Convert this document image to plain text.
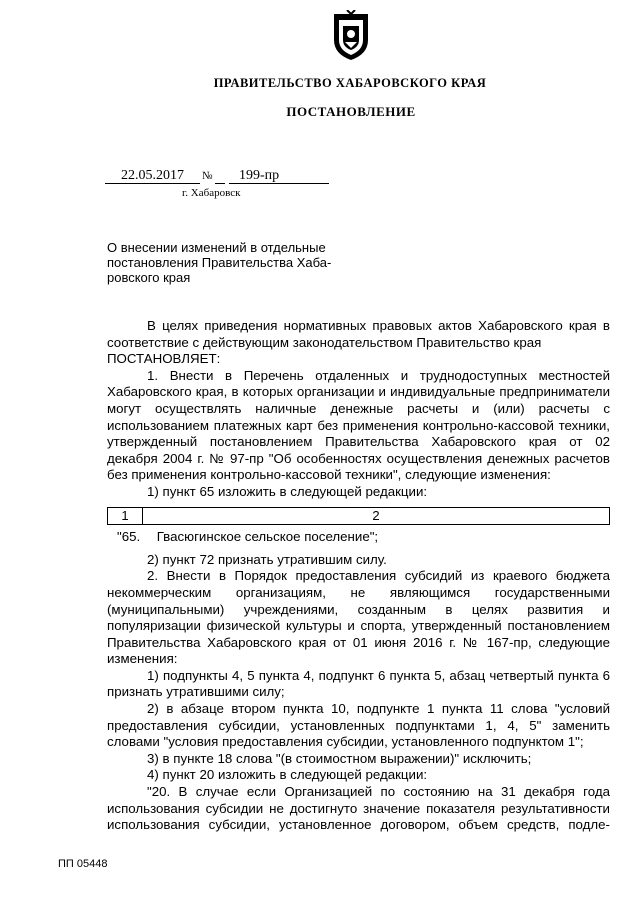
ПРАВИТЕЛЬСТВО ХАБАРОВСКОГО КРАЯ
ПОСТАНОВЛЕНИЕ
22.05.2017	№	199-пр
г. Хабаровск
О внесении изменений в отдельные
постановления Правительства Хаба-
ровского края

В целях приведения нормативных правовых актов Хабаровского края в соответствие с действующим законодательством Правительство края

ПОСТАНОВЛЯЕТ:

1. Внести в Перечень отдаленных и труднодоступных местностей Хабаровского края, в которых организации и индивидуальные предприниматели могут осуществлять наличные денежные расчеты и (или) расчеты с использованием платежных карт без применения контрольно-кассовой техники, утвержденный постановлением Правительства Хабаровского края от 02 декабря 2004 г. № 97-пр "Об особенностях осуществления денежных расчетов без применения контрольно-кассовой техники", следующие изменения:

1) пункт 65 изложить в следующей редакции:

1	2
"65. Гвасюгинское сельское поселение";

2) пункт 72 признать утратившим силу.

2. Внести в Порядок предоставления субсидий из краевого бюджета некоммерческим организациям, не являющимся государственными (муниципальными) учреждениями, созданным в целях развития и популяризации физической культуры и спорта, утвержденный постановлением Правительства Хабаровского края от 01 июня 2016 г. № 167-пр, следующие изменения:

1) подпункты 4, 5 пункта 4, подпункт 6 пункта 5, абзац четвертый пункта 6 признать утратившими силу;

2) в абзаце втором пункта 10, подпункте 1 пункта 11 слова "условий предоставления субсидии, установленных подпунктами 1, 4, 5" заменить словами "условия предоставления субсидии, установленного подпунктом 1";

3) в пункте 18 слова "(в стоимостном выражении)" исключить;

4) пункт 20 изложить в следующей редакции:

"20. В случае если Организацией по состоянию на 31 декабря года использования субсидии не достигнуто значение показателя результативности использования субсидии, установленное договором, объем средств, подле-

ПП 05448
